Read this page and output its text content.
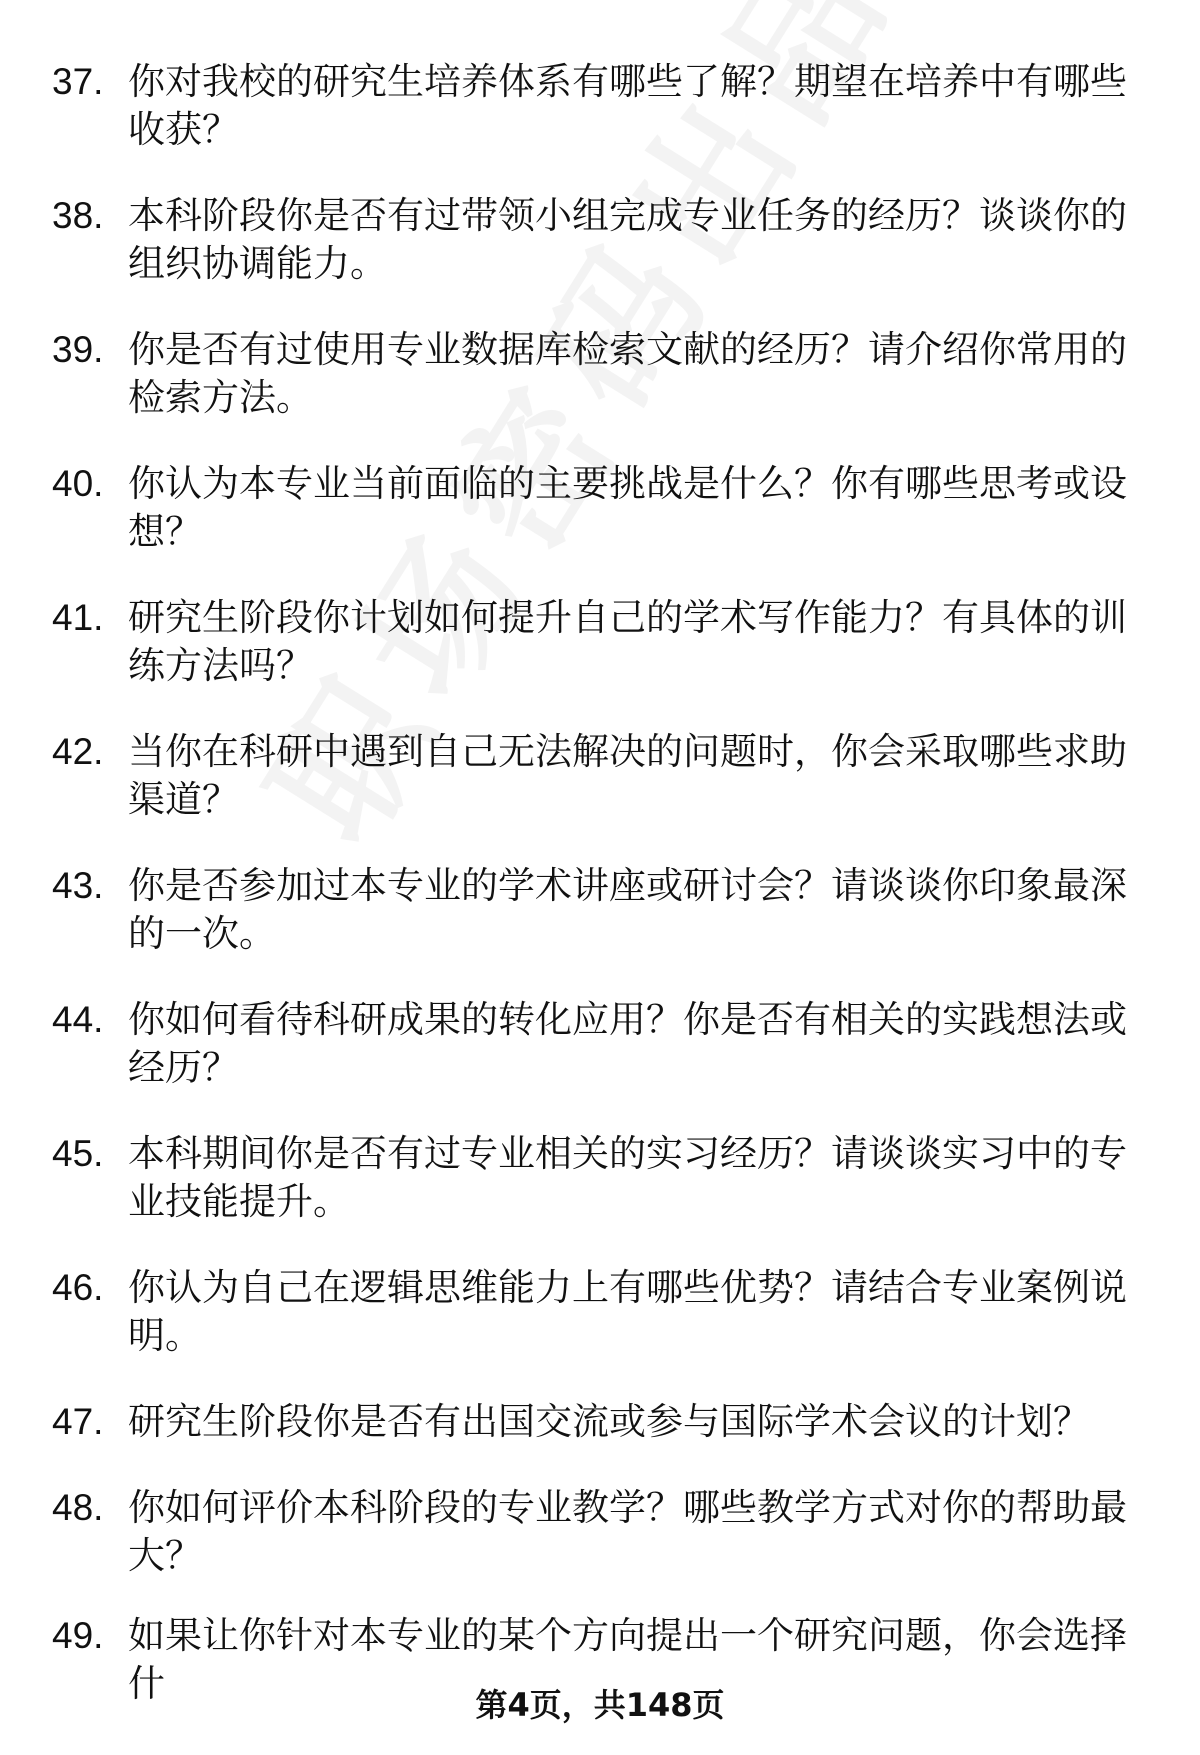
37. 你对我校的研究生培养体系有哪些了解？期望在培养中有哪些收获？
38. 本科阶段你是否有过带领小组完成专业任务的经历？谈谈你的组织协调能力。
39. 你是否有过使用专业数据库检索文献的经历？请介绍你常用的检索方法。
40. 你认为本专业当前面临的主要挑战是什么？你有哪些思考或设想？
41. 研究生阶段你计划如何提升自己的学术写作能力？有具体的训练方法吗？
42. 当你在科研中遇到自己无法解决的问题时，你会采取哪些求助渠道？
43. 你是否参加过本专业的学术讲座或研讨会？请谈谈你印象最深的一次。
44. 你如何看待科研成果的转化应用？你是否有相关的实践想法或经历？
45. 本科期间你是否有过专业相关的实习经历？请谈谈实习中的专业技能提升。
46. 你认为自己在逻辑思维能力上有哪些优势？请结合专业案例说明。
47. 研究生阶段你是否有出国交流或参与国际学术会议的计划？
48. 你如何评价本科阶段的专业教学？哪些教学方式对你的帮助最大？
49. 如果让你针对本专业的某个方向提出一个研究问题，你会选择什	第4页，共148页
